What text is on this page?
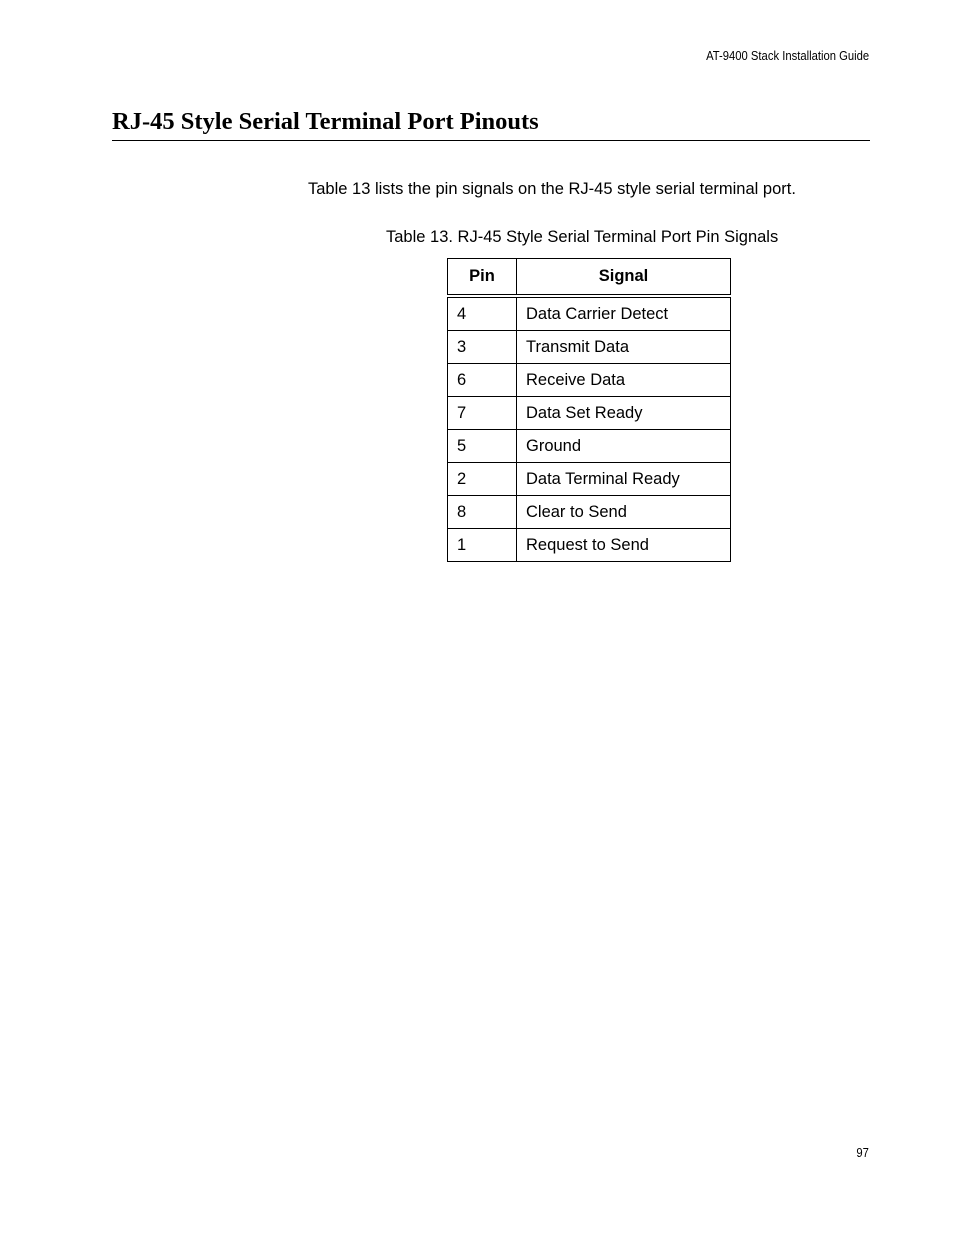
AT-9400 Stack Installation Guide
RJ-45 Style Serial Terminal Port Pinouts

Table 13 lists the pin signals on the RJ-45 style serial terminal port.

Table 13. RJ-45 Style Serial Terminal Port Pin Signals

Pin	Signal
4	Data Carrier Detect
3	Transmit Data
6	Receive Data
7	Data Set Ready
5	Ground
2	Data Terminal Ready
8	Clear to Send
1	Request to Send
97
